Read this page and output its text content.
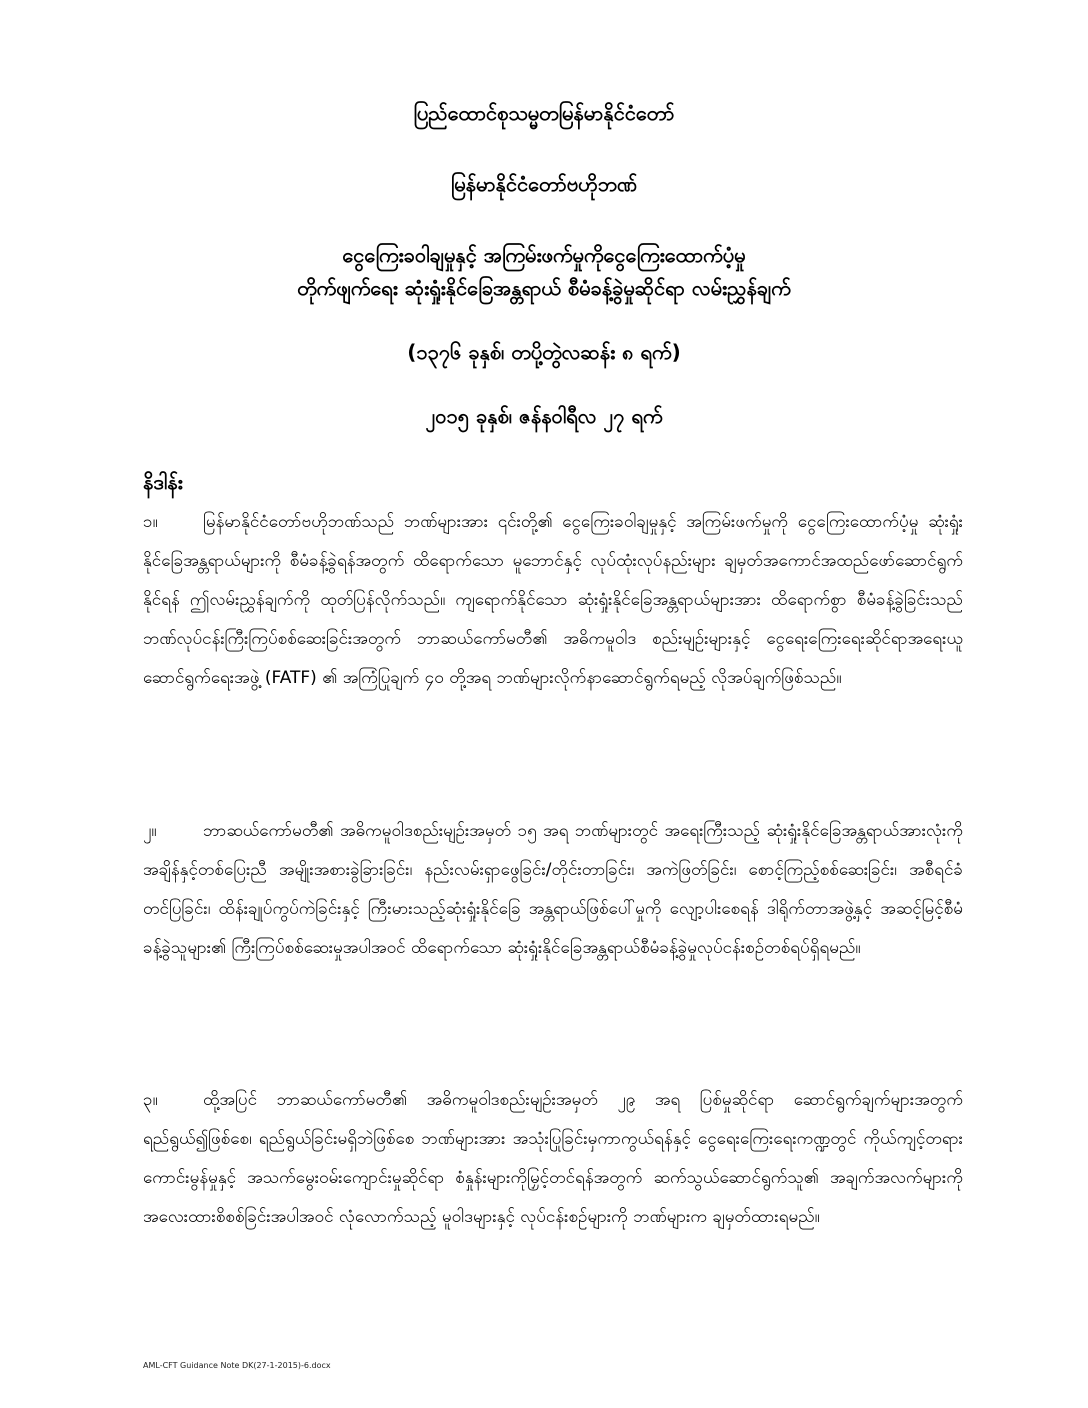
ပြည်ထောင်စုသမ္မတမြန်မာနိုင်ငံတော်
မြန်မာနိုင်ငံတော်ဗဟိုဘဏ်
ငွေကြေးခဝါချမှုနှင့် အကြမ်းဖက်မှုကိုငွေကြေးထောက်ပံ့မှု
တိုက်ဖျက်ရေး ဆုံးရှုံးနိုင်ခြေအန္တရာယ် စီမံခန့်ခွဲမှုဆိုင်ရာ လမ်းညွှန်ချက်
(၁၃၇၆ ခုနှစ်၊ တပို့တွဲလဆန်း ၈ ရက်)
၂၀၁၅ ခုနှစ်၊ ဇန်နဝါရီလ ၂၇ ရက်
နိဒါန်း
၁။	မြန်မာနိုင်ငံတော်ဗဟိုဘဏ်သည် ဘဏ်များအား ၎င်းတို့၏ ငွေကြေးခဝါချမှုနှင့် အကြမ်းဖက်မှုကို ငွေကြေးထောက်ပံ့မှု ဆုံးရှုံးနိုင်ခြေအန္တရာယ်များကို စီမံခန့်ခွဲရန်အတွက် ထိရောက်သော မူဘောင်နှင့် လုပ်ထုံးလုပ်နည်းများ ချမှတ်အကောင်အထည်ဖော်ဆောင်ရွက်နိုင်ရန် ဤလမ်းညွှန်ချက်ကို ထုတ်ပြန်လိုက်သည်။ ကျရောက်နိုင်သော ဆုံးရှုံးနိုင်ခြေအန္တရာယ်များအား ထိရောက်စွာ စီမံခန့်ခွဲခြင်းသည် ဘဏ်လုပ်ငန်းကြီးကြပ်စစ်ဆေးခြင်းအတွက် ဘာဆယ်ကော်မတီ၏ အဓိကမူဝါဒ စည်းမျဉ်းများနှင့် ငွေရေးကြေးရေးဆိုင်ရာအရေးယူဆောင်ရွက်ရေးအဖွဲ့ (FATF) ၏ အကြံပြုချက် ၄၀ တို့အရ ဘဏ်များလိုက်နာဆောင်ရွက်ရမည့် လိုအပ်ချက်ဖြစ်သည်။
၂။	ဘာဆယ်ကော်မတီ၏ အဓိကမူဝါဒစည်းမျဉ်းအမှတ် ၁၅ အရ ဘဏ်များတွင် အရေးကြီးသည့် ဆုံးရှုံးနိုင်ခြေအန္တရာယ်အားလုံးကို အချိန်နှင့်တစ်ပြေးညီ အမျိုးအစားခွဲခြားခြင်း၊ နည်းလမ်းရှာဖွေခြင်း/တိုင်းတာခြင်း၊ အကဲဖြတ်ခြင်း၊ စောင့်ကြည့်စစ်ဆေးခြင်း၊ အစီရင်ခံတင်ပြခြင်း၊ ထိန်းချုပ်ကွပ်ကဲခြင်းနှင့် ကြီးမားသည့်ဆုံးရှုံးနိုင်ခြေ အန္တရာယ်ဖြစ်ပေါ်မှုကို လျော့ပါးစေရန် ဒါရိုက်တာအဖွဲ့နှင့် အဆင့်မြင့်စီမံခန့်ခွဲသူများ၏ ကြီးကြပ်စစ်ဆေးမှုအပါအဝင် ထိရောက်သော ဆုံးရှုံးနိုင်ခြေအန္တရာယ်စီမံခန့်ခွဲမှုလုပ်ငန်းစဉ်တစ်ရပ်ရှိရမည်။
၃။	ထို့အပြင် ဘာဆယ်ကော်မတီ၏ အဓိကမူဝါဒစည်းမျဉ်းအမှတ် ၂၉ အရ ပြစ်မှုဆိုင်ရာ ဆောင်ရွက်ချက်များအတွက် ရည်ရွယ်၍ဖြစ်စေ၊ ရည်ရွယ်ခြင်းမရှိဘဲဖြစ်စေ ဘဏ်များအား အသုံးပြုခြင်းမှကာကွယ်ရန်နှင့် ငွေရေးကြေးရေးကဏ္ဍတွင် ကိုယ်ကျင့်တရားကောင်းမွန်မှုနှင့် အသက်မွေးဝမ်းကျောင်းမှုဆိုင်ရာ စံနှုန်းများကိုမြှင့်တင်ရန်အတွက် ဆက်သွယ်ဆောင်ရွက်သူ၏ အချက်အလက်များကို အလေးထားစိစစ်ခြင်းအပါအဝင် လုံလောက်သည့် မူဝါဒများနှင့် လုပ်ငန်းစဉ်များကို ဘဏ်များက ချမှတ်ထားရမည်။
AML-CFT Guidance Note DK(27-1-2015)-6.docx
